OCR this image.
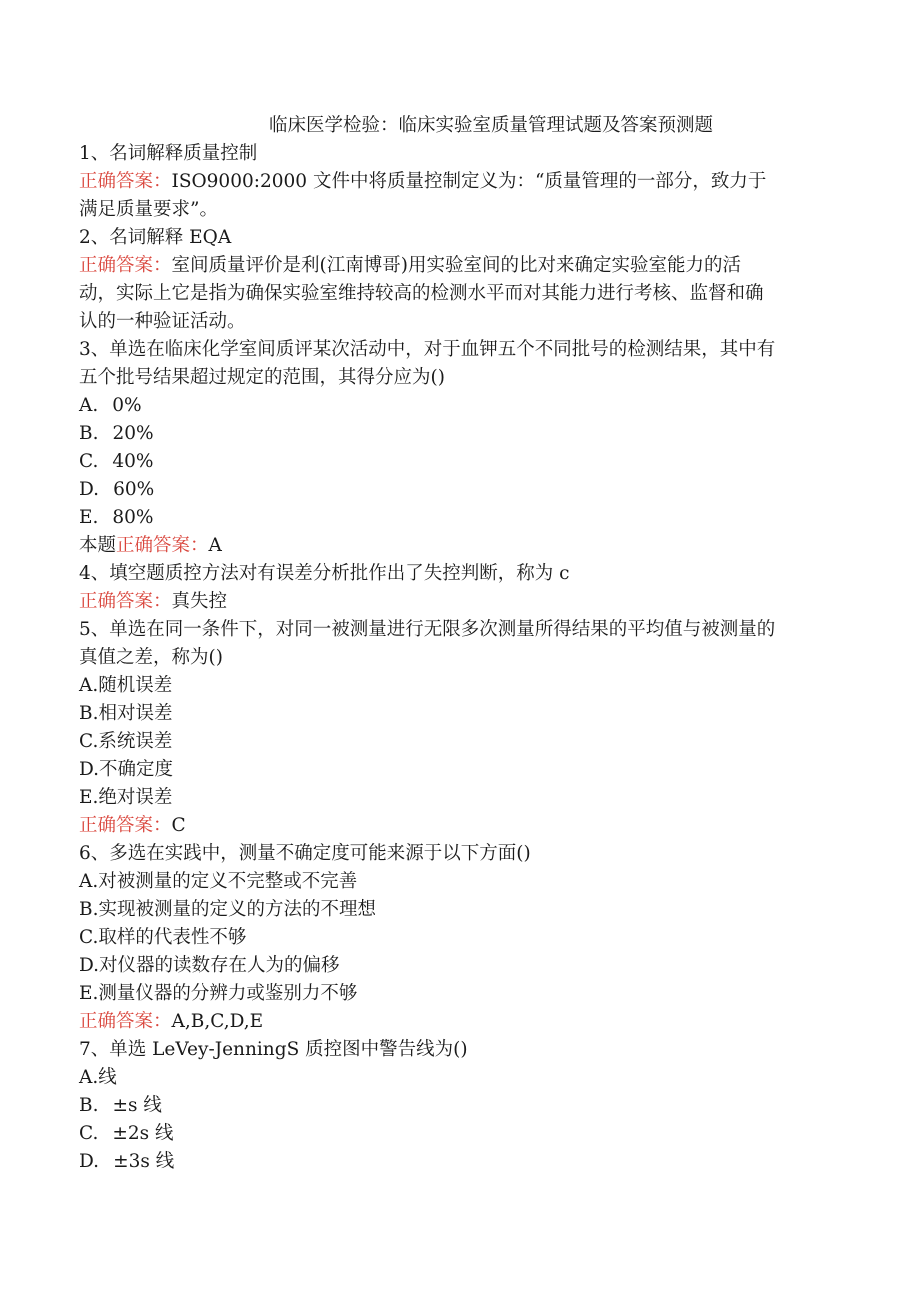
临床医学检验：临床实验室质量管理试题及答案预测题
1、名词解释质量控制
正确答案：ISO9000:2000 文件中将质量控制定义为：“质量管理的一部分，致力于
满足质量要求”。
2、名词解释 EQA
正确答案：室间质量评价是利(江南博哥)用实验室间的比对来确定实验室能力的活
动，实际上它是指为确保实验室维持较高的检测水平而对其能力进行考核、监督和确
认的一种验证活动。
3、单选在临床化学室间质评某次活动中，对于血钾五个不同批号的检测结果，其中有
五个批号结果超过规定的范围，其得分应为()
A. 0%
B. 20%
C. 40%
D. 60%
E. 80%
本题正确答案：A
4、填空题质控方法对有误差分析批作出了失控判断，称为 c
正确答案：真失控
5、单选在同一条件下，对同一被测量进行无限多次测量所得结果的平均值与被测量的
真值之差，称为()
A.随机误差
B.相对误差
C.系统误差
D.不确定度
E.绝对误差
正确答案：C
6、多选在实践中，测量不确定度可能来源于以下方面()
A.对被测量的定义不完整或不完善
B.实现被测量的定义的方法的不理想
C.取样的代表性不够
D.对仪器的读数存在人为的偏移
E.测量仪器的分辨力或鉴别力不够
正确答案：A,B,C,D,E
7、单选 LeVey-JenningS 质控图中警告线为()
A.线
B. ±s 线
C. ±2s 线
D. ±3s 线
